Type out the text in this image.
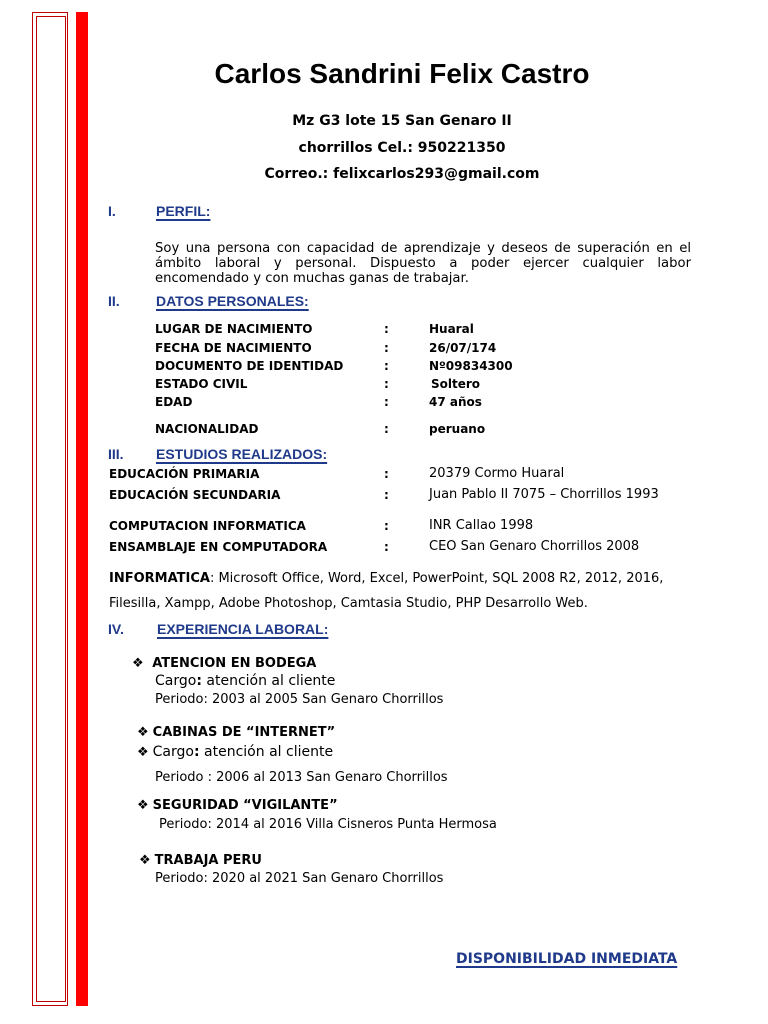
Carlos Sandrini Felix Castro
Mz G3 lote 15 San Genaro II
chorrillos Cel.: 950221350
Correo.: felixcarlos293@gmail.com
I.	PERFIL:
Soy una persona con capacidad de aprendizaje y deseos de superación en el ámbito laboral y personal. Dispuesto a poder ejercer cualquier labor encomendado y con muchas ganas de trabajar.
II.	DATOS PERSONALES:
LUGAR DE NACIMIENTO	:	Huaral
FECHA DE NACIMIENTO	:	26/07/174
DOCUMENTO DE IDENTIDAD	:	Nº09834300
ESTADO CIVIL	:	Soltero
EDAD	:	47 años
NACIONALIDAD	:	peruano
III. ESTUDIOS REALIZADOS:
EDUCACIÓN PRIMARIA	:	20379 Cormo Huaral
EDUCACIÓN SECUNDARIA	:	Juan Pablo II 7075 – Chorrillos 1993
COMPUTACION INFORMATICA	:	INR Callao 1998
ENSAMBLAJE EN COMPUTADORA	:	CEO San Genaro Chorrillos 2008
INFORMATICA: Microsoft Office, Word, Excel, PowerPoint, SQL 2008 R2, 2012, 2016,
Filesilla, Xampp, Adobe Photoshop, Camtasia Studio, PHP Desarrollo Web.
IV. EXPERIENCIA LABORAL:
❖ ATENCION EN BODEGA
Cargo: atención al cliente
Periodo: 2003 al 2005 San Genaro Chorrillos
❖ CABINAS DE “INTERNET”
❖ Cargo: atención al cliente
Periodo : 2006 al 2013 San Genaro Chorrillos
❖ SEGURIDAD “VIGILANTE”
Periodo: 2014 al 2016 Villa Cisneros Punta Hermosa
❖ TRABAJA PERU
Periodo: 2020 al 2021 San Genaro Chorrillos
DISPONIBILIDAD INMEDIATA
